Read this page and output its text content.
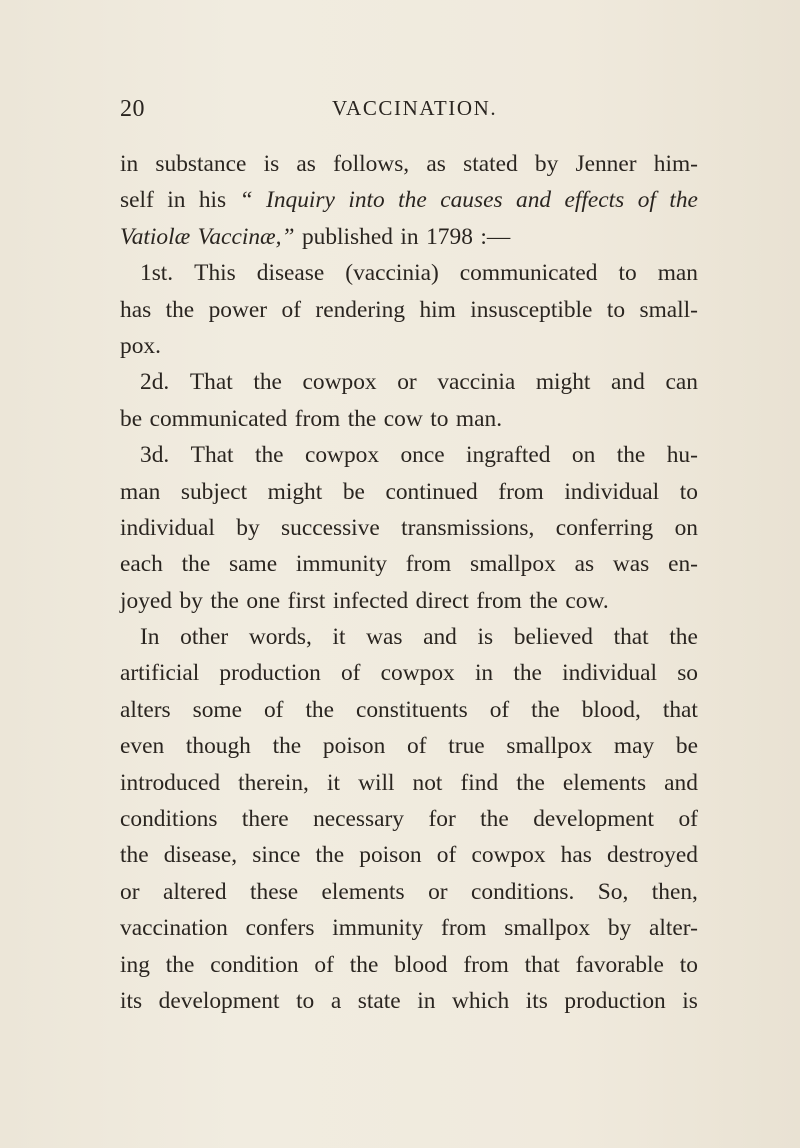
20	VACCINATION.
in substance is as follows, as stated by Jenner him-
self in his “ Inquiry into the causes and effects of the
Vatiolæ Vaccinæ,” published in 1798 :—
1st. This disease (vaccinia) communicated to man
has the power of rendering him insusceptible to small-
pox.
2d. That the cowpox or vaccinia might and can
be communicated from the cow to man.
3d. That the cowpox once ingrafted on the hu-
man subject might be continued from individual to
individual by successive transmissions, conferring on
each the same immunity from smallpox as was en-
joyed by the one first infected direct from the cow.
In other words, it was and is believed that the
artificial production of cowpox in the individual so
alters some of the constituents of the blood, that
even though the poison of true smallpox may be
introduced therein, it will not find the elements and
conditions there necessary for the development of
the disease, since the poison of cowpox has destroyed
or altered these elements or conditions. So, then,
vaccination confers immunity from smallpox by alter-
ing the condition of the blood from that favorable to
its development to a state in which its production is
